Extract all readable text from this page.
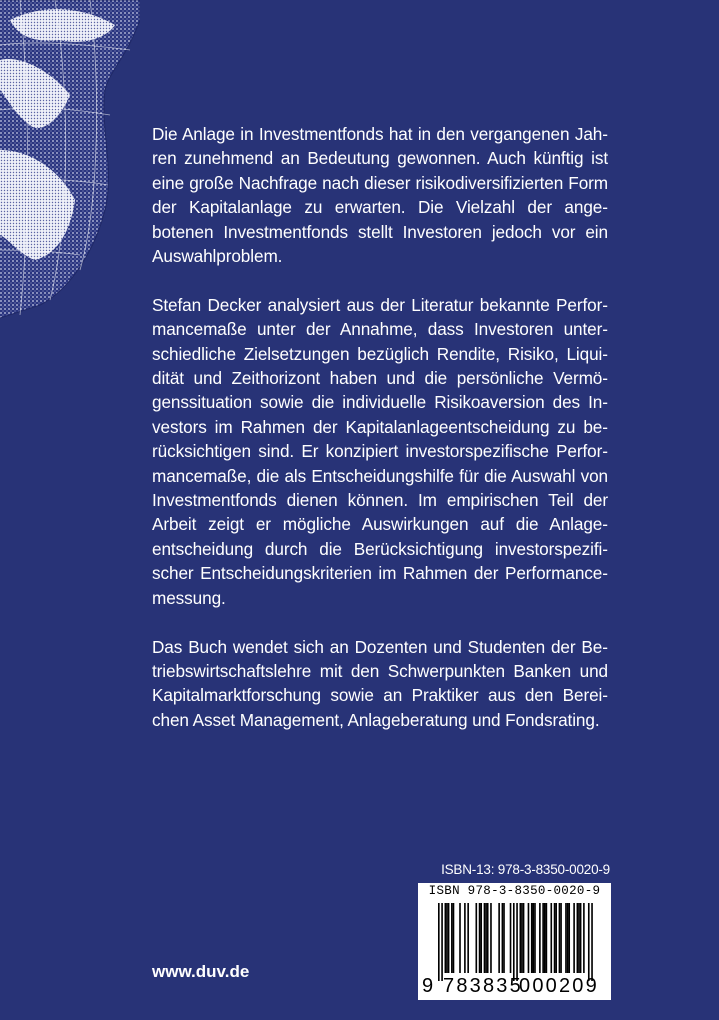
Die Anlage in Investmentfonds hat in den vergangenen Jahren zunehmend an Bedeutung gewonnen. Auch künftig ist eine große Nachfrage nach dieser risikodiversifizierten Form der Kapitalanlage zu erwarten. Die Vielzahl der angebotenen Investmentfonds stellt Investoren jedoch vor ein Auswahlproblem.

Stefan Decker analysiert aus der Literatur bekannte Performancemaße unter der Annahme, dass Investoren unterschiedliche Zielsetzungen bezüglich Rendite, Risiko, Liquidität und Zeithorizont haben und die persönliche Vermögenssituation sowie die individuelle Risikoaversion des Investors im Rahmen der Kapitalanlageentscheidung zu berücksichtigen sind. Er konzipiert investorspezifische Performancemaße, die als Entscheidungshilfe für die Auswahl von Investmentfonds dienen können. Im empirischen Teil der Arbeit zeigt er mögliche Auswirkungen auf die Anlageentscheidung durch die Berücksichtigung investorspezifischer Entscheidungskriterien im Rahmen der Performancemessung.

Das Buch wendet sich an Dozenten und Studenten der Betriebswirtschaftslehre mit den Schwerpunkten Banken und Kapitalmarktforschung sowie an Praktiker aus den Bereichen Asset Management, Anlageberatung und Fondsrating.

ISBN-13: 978-3-8350-0020-9
ISBN 978-3-8350-0020-9
9 783835
000209
www.duv.de
